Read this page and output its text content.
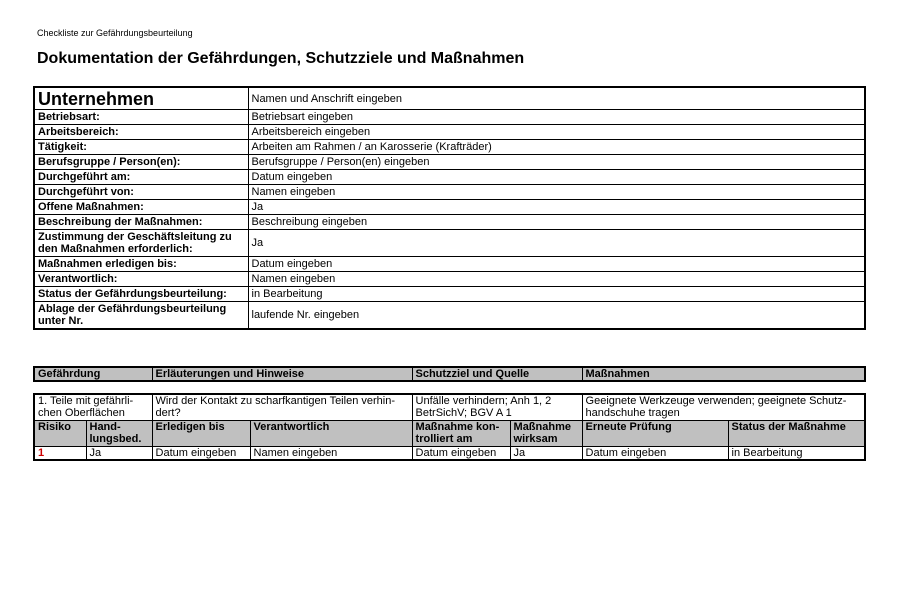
Checkliste zur Gefährdungsbeurteilung
Dokumentation der Gefährdungen, Schutzziele und Maßnahmen
Unternehmen	Namen und Anschrift eingeben
Betriebsart:	Betriebsart eingeben
Arbeitsbereich:	Arbeitsbereich eingeben
Tätigkeit:	Arbeiten am Rahmen / an Karosserie (Krafträder)
Berufsgruppe / Person(en):	Berufsgruppe / Person(en) eingeben
Durchgeführt am:	Datum eingeben
Durchgeführt von:	Namen eingeben
Offene Maßnahmen:	Ja
Beschreibung der Maßnahmen:	Beschreibung eingeben
Zustimmung der Geschäftsleitung zu den Maßnahmen erforderlich:	Ja
Maßnahmen erledigen bis:	Datum eingeben
Verantwortlich:	Namen eingeben
Status der Gefährdungsbeurteilung:	in Bearbeitung
Ablage der Gefährdungsbeurteilung unter Nr.	laufende Nr. eingeben
Gefährdung	Erläuterungen und Hinweise	Schutzziel und Quelle	Maßnahmen
1. Teile mit gefährli-chen Oberflächen		Wird der Kontakt zu scharfkantigen Teilen verhin-dert?		Unfälle verhindern; Anh 1, 2 BetrSichV; BGV A 1		Geeignete Werkzeuge verwenden; geeignete Schutz-handschuhe tragen	
Risiko	Hand-lungsbed.	Erledigen bis	Verantwortlich	Maßnahme kon-trolliert am	Maßnahme wirksam	Erneute Prüfung	Status der Maßnahme
1	Ja	Datum eingeben	Namen eingeben	Datum eingeben	Ja	Datum eingeben	in Bearbeitung
